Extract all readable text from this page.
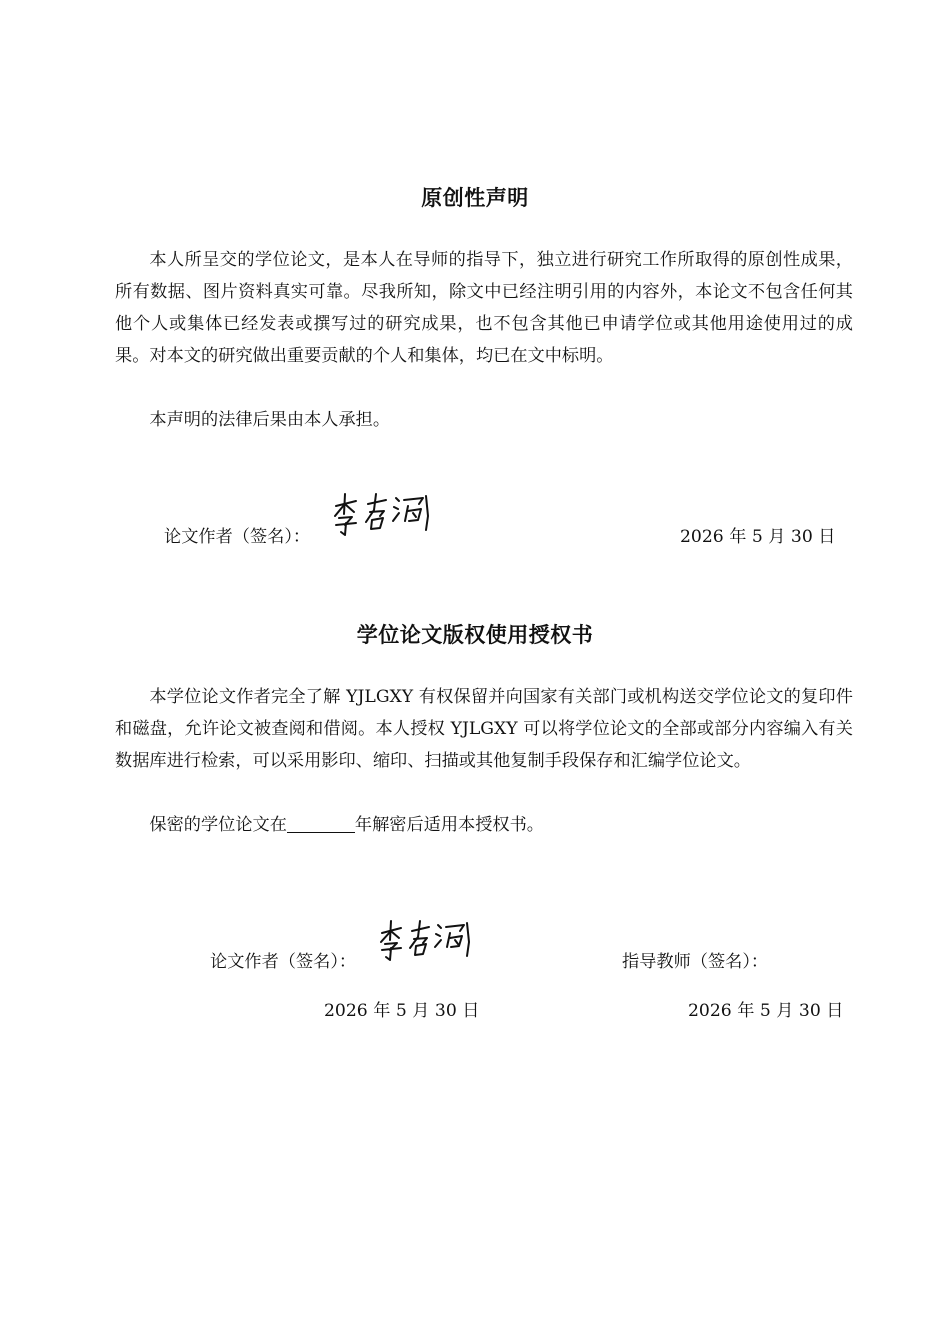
原创性声明

本人所呈交的学位论文，是本人在导师的指导下，独立进行研究工作所取得的原创性成果，所有数据、图片资料真实可靠。尽我所知，除文中已经注明引用的内容外，本论文不包含任何其他个人或集体已经发表或撰写过的研究成果，也不包含其他已申请学位或其他用途使用过的成果。对本文的研究做出重要贡献的个人和集体，均已在文中标明。

本声明的法律后果由本人承担。

论文作者（签名）：	2026 年 5 月 30 日
学位论文版权使用授权书

本学位论文作者完全了解 YJLGXY 有权保留并向国家有关部门或机构送交学位论文的复印件和磁盘，允许论文被查阅和借阅。本人授权 YJLGXY 可以将学位论文的全部或部分内容编入有关数据库进行检索，可以采用影印、缩印、扫描或其他复制手段保存和汇编学位论文。

保密的学位论文在	年解密后适用本授权书。

论文作者（签名）：	指导教师（签名）：
2026 年 5 月 30 日	2026 年 5 月 30 日
